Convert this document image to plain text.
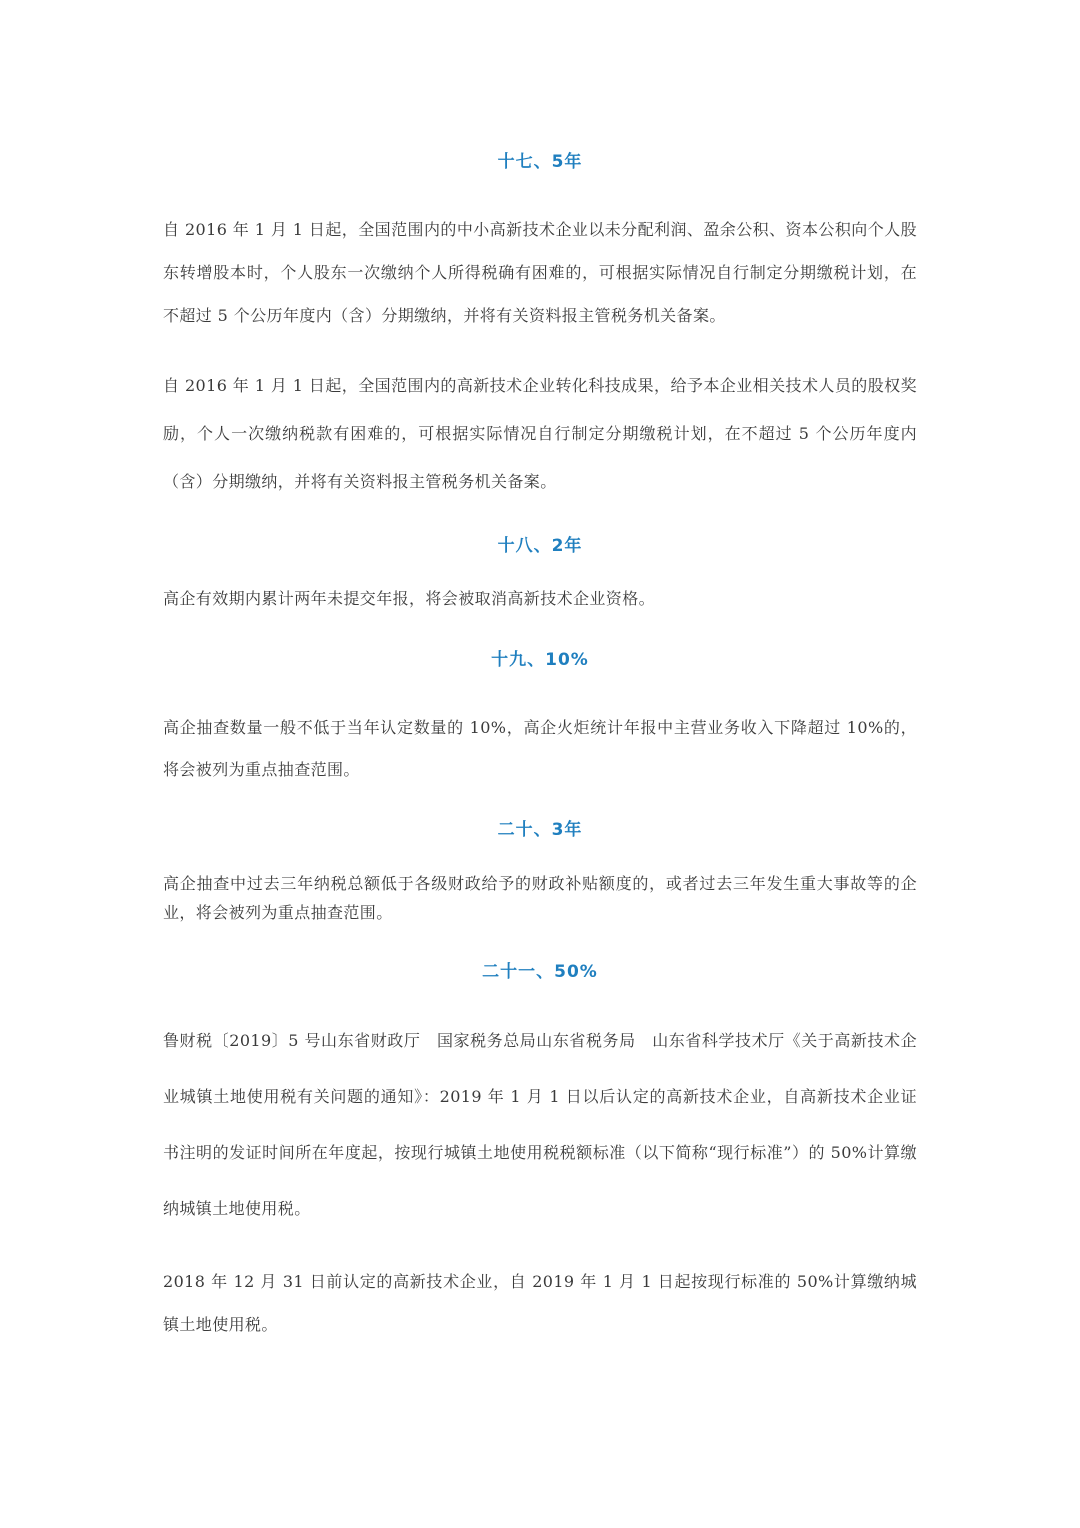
十七、5年

自 2016 年 1 月 1 日起，全国范围内的中小高新技术企业以未分配利润、盈余公积、资本公积向个人股东转增股本时，个人股东一次缴纳个人所得税确有困难的，可根据实际情况自行制定分期缴税计划，在不超过 5 个公历年度内（含）分期缴纳，并将有关资料报主管税务机关备案。

自 2016 年 1 月 1 日起，全国范围内的高新技术企业转化科技成果，给予本企业相关技术人员的股权奖励，个人一次缴纳税款有困难的，可根据实际情况自行制定分期缴税计划，在不超过 5 个公历年度内（含）分期缴纳，并将有关资料报主管税务机关备案。

十八、2年

高企有效期内累计两年未提交年报，将会被取消高新技术企业资格。

十九、10%

高企抽查数量一般不低于当年认定数量的 10%，高企火炬统计年报中主营业务收入下降超过 10%的，将会被列为重点抽查范围。

二十、3年

高企抽查中过去三年纳税总额低于各级财政给予的财政补贴额度的，或者过去三年发生重大事故等的企业，将会被列为重点抽查范围。

二十一、50%

鲁财税〔2019〕5 号山东省财政厅　国家税务总局山东省税务局　山东省科学技术厅《关于高新技术企业城镇土地使用税有关问题的通知》：2019 年 1 月 1 日以后认定的高新技术企业，自高新技术企业证书注明的发证时间所在年度起，按现行城镇土地使用税税额标准（以下简称“现行标准”）的 50%计算缴纳城镇土地使用税。

2018 年 12 月 31 日前认定的高新技术企业，自 2019 年 1 月 1 日起按现行标准的 50%计算缴纳城镇土地使用税。
